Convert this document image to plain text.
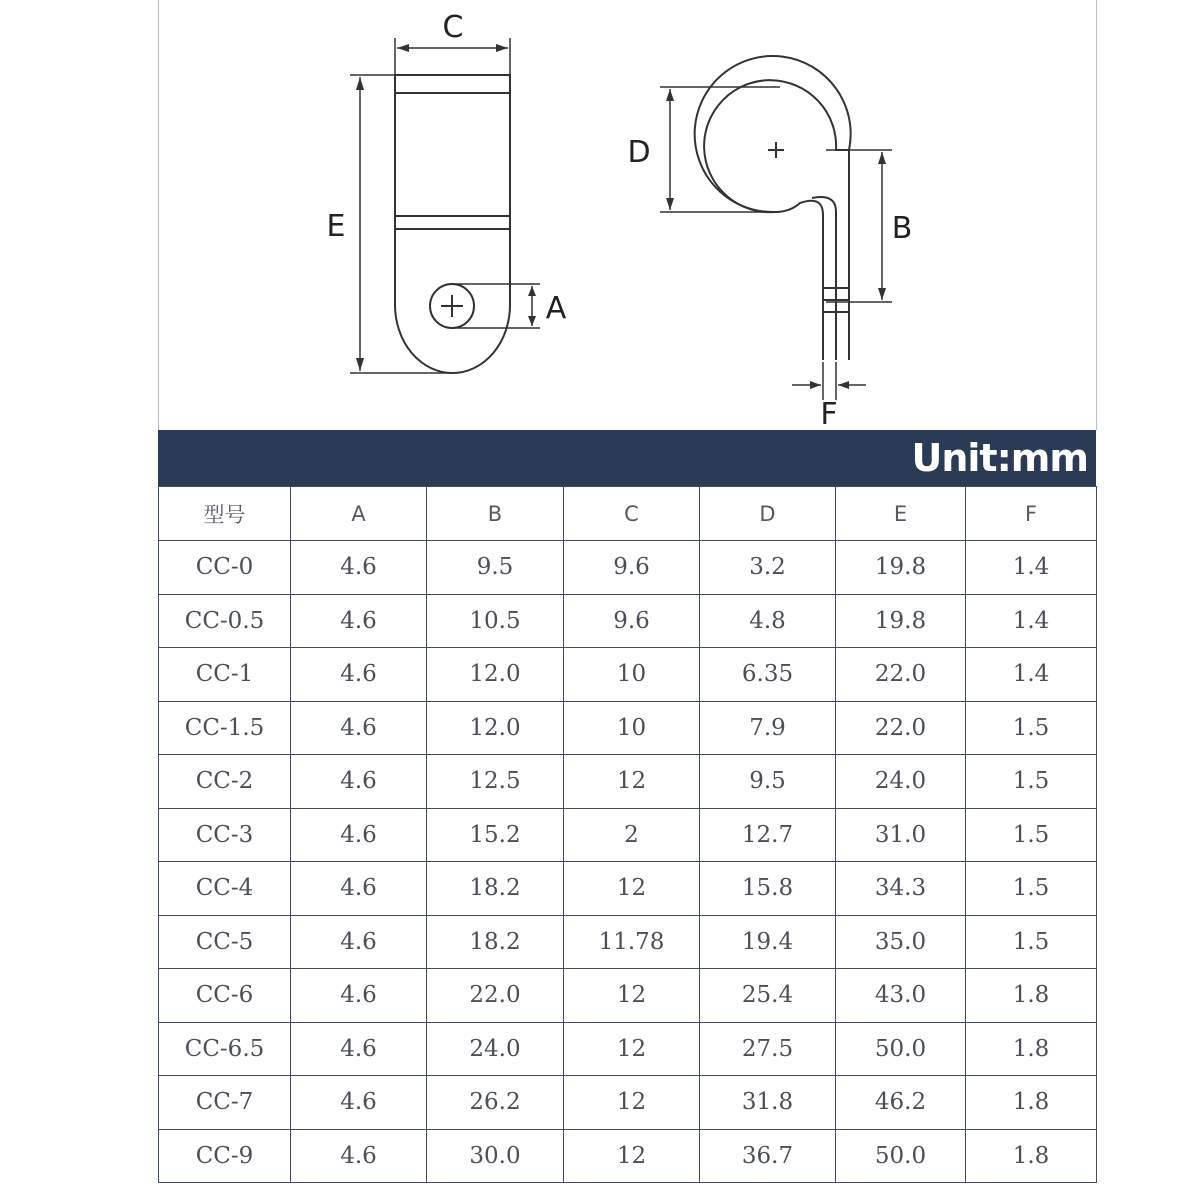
C
E
A
D
B
F
Unit:mm
型号	A	B	C	D	E	F
CC-0	4.6	9.5	9.6	3.2	19.8	1.4
CC-0.5	4.6	10.5	9.6	4.8	19.8	1.4
CC-1	4.6	12.0	10	6.35	22.0	1.4
CC-1.5	4.6	12.0	10	7.9	22.0	1.5
CC-2	4.6	12.5	12	9.5	24.0	1.5
CC-3	4.6	15.2	2	12.7	31.0	1.5
CC-4	4.6	18.2	12	15.8	34.3	1.5
CC-5	4.6	18.2	11.78	19.4	35.0	1.5
CC-6	4.6	22.0	12	25.4	43.0	1.8
CC-6.5	4.6	24.0	12	27.5	50.0	1.8
CC-7	4.6	26.2	12	31.8	46.2	1.8
CC-9	4.6	30.0	12	36.7	50.0	1.8
